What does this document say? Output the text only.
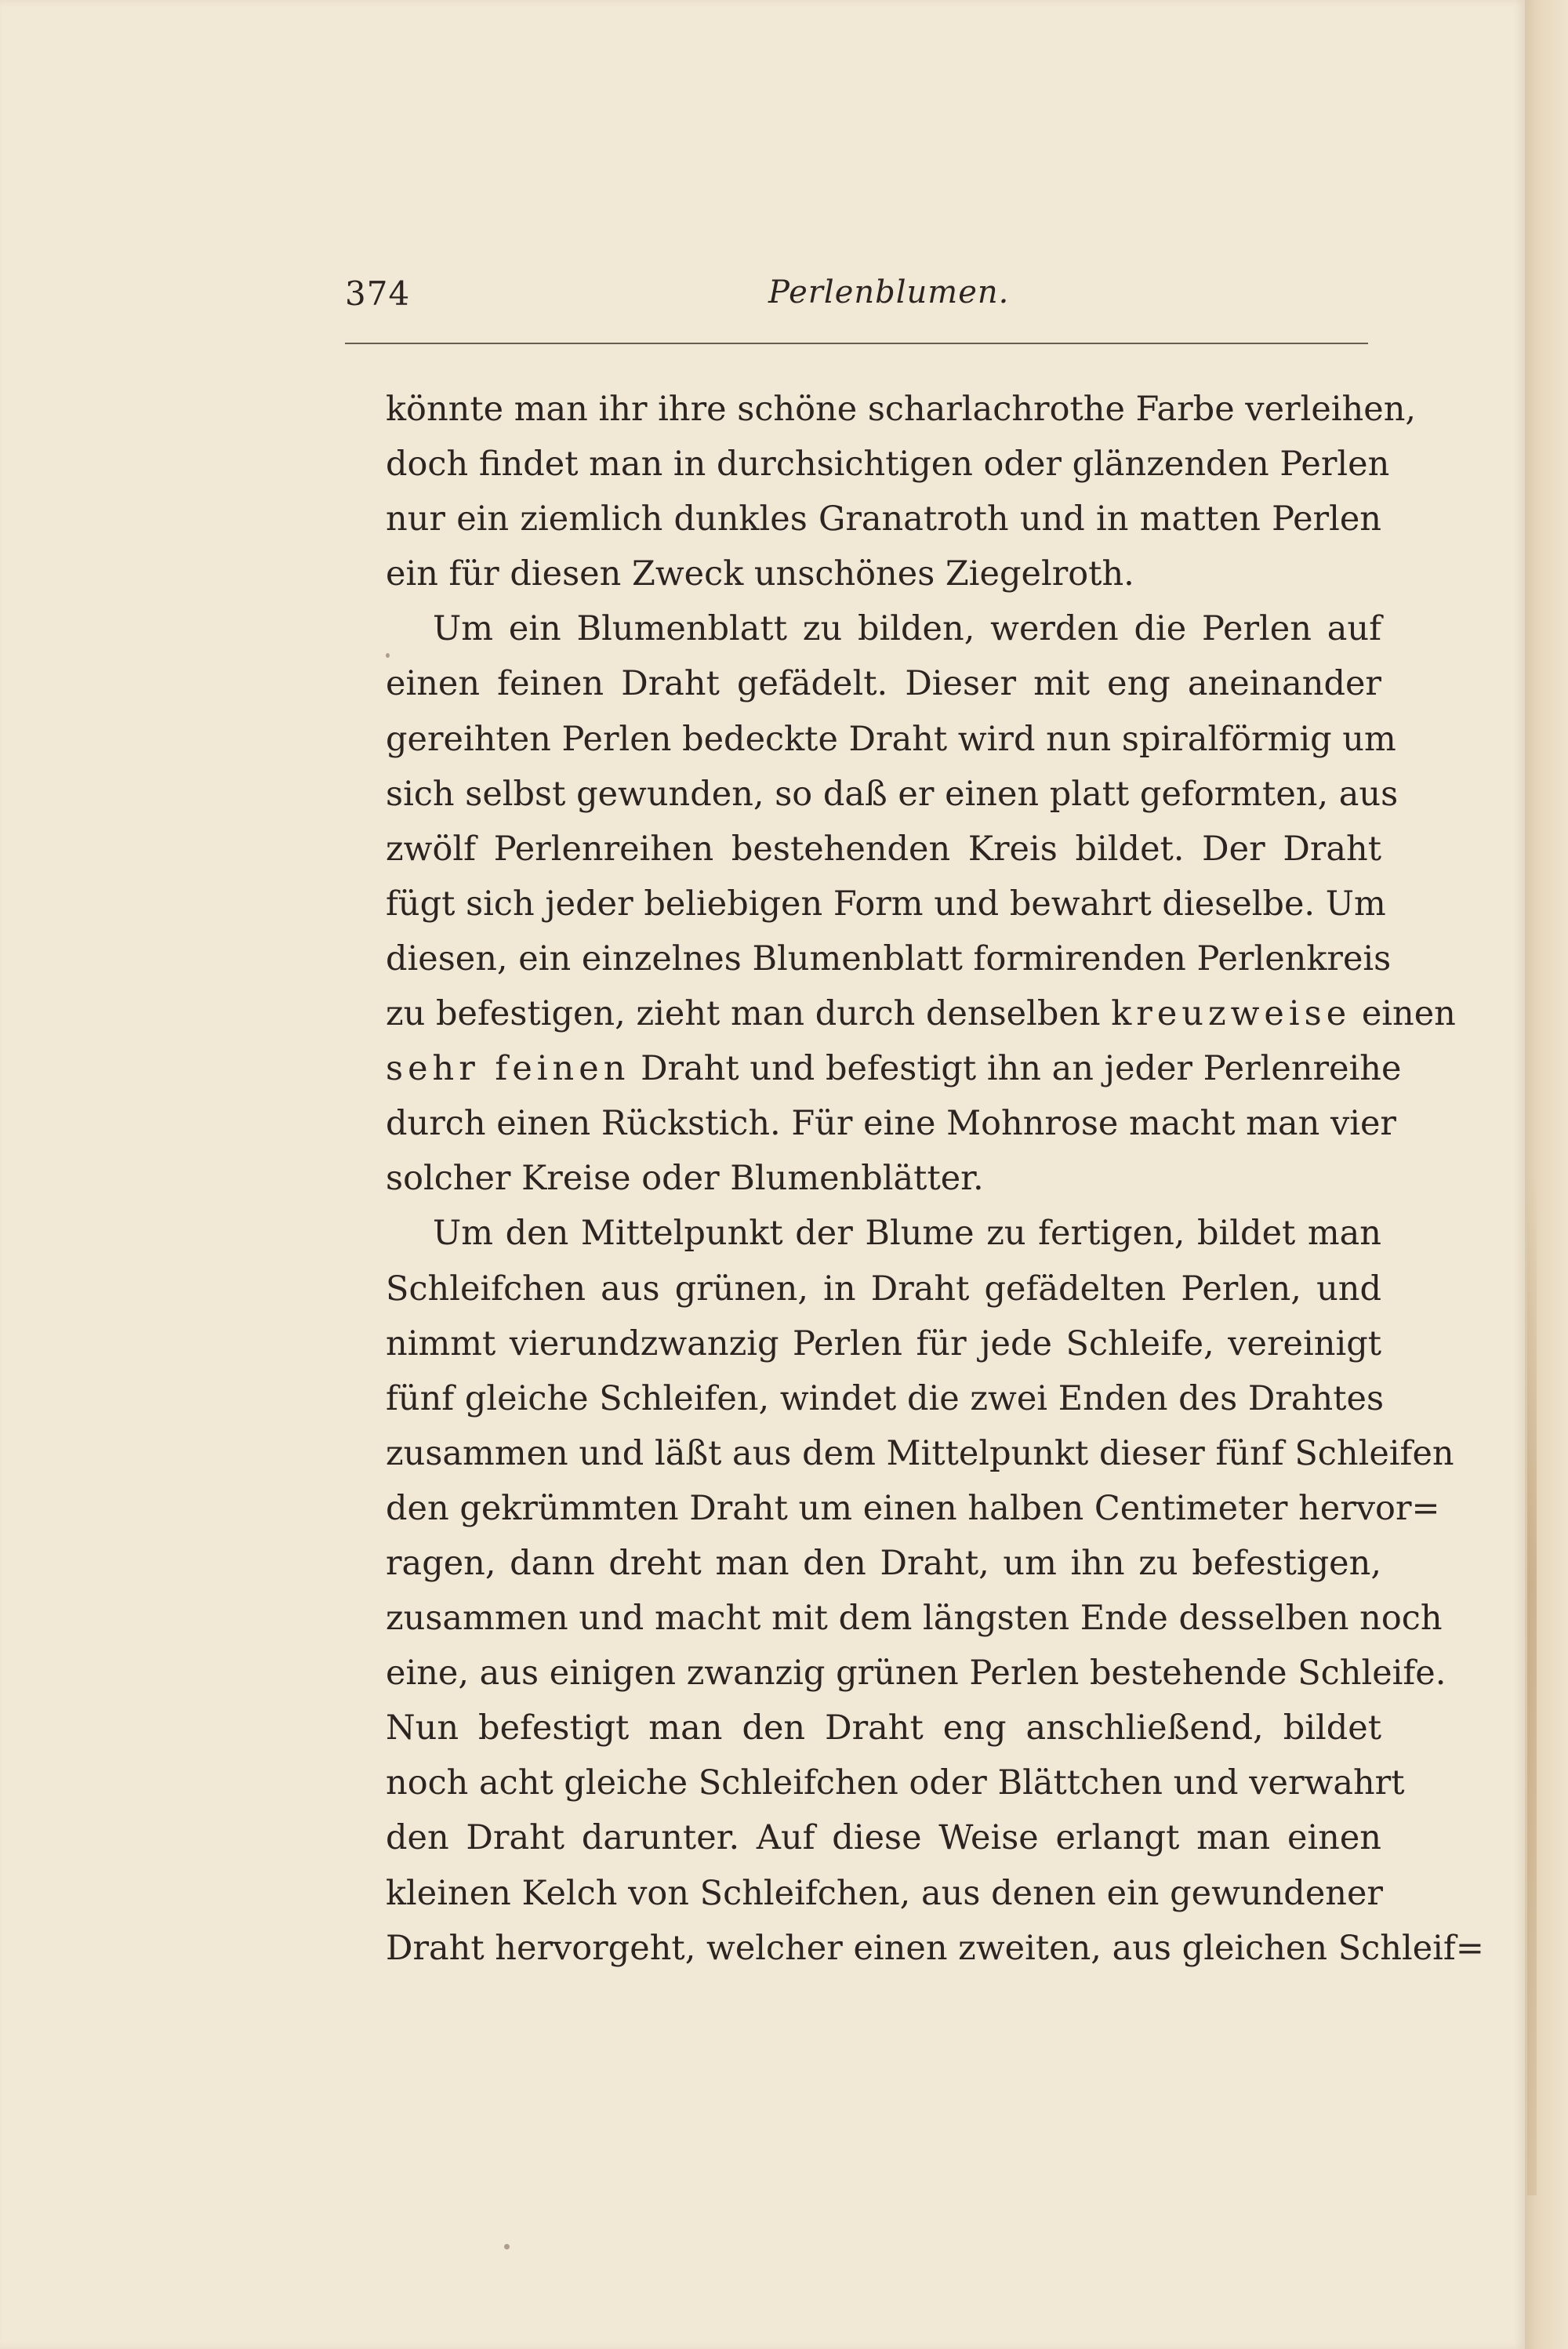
374	Perlenblumen.
könnte man ihr ihre schöne scharlachrothe Farbe verleihen,
doch findet man in durchsichtigen oder glänzenden Perlen
nur ein ziemlich dunkles Granatroth und in matten Perlen
ein für diesen Zweck unschönes Ziegelroth.
Um ein Blumenblatt zu bilden, werden die Perlen auf
einen feinen Draht gefädelt. Dieser mit eng aneinander
gereihten Perlen bedeckte Draht wird nun spiralförmig um
sich selbst gewunden, so daß er einen platt geformten, aus
zwölf Perlenreihen bestehenden Kreis bildet. Der Draht
fügt sich jeder beliebigen Form und bewahrt dieselbe. Um
diesen, ein einzelnes Blumenblatt formirenden Perlenkreis
zu befestigen, zieht man durch denselben kreuzweise einen
sehr feinen Draht und befestigt ihn an jeder Perlenreihe
durch einen Rückstich. Für eine Mohnrose macht man vier
solcher Kreise oder Blumenblätter.
Um den Mittelpunkt der Blume zu fertigen, bildet man
Schleifchen aus grünen, in Draht gefädelten Perlen, und
nimmt vierundzwanzig Perlen für jede Schleife, vereinigt
fünf gleiche Schleifen, windet die zwei Enden des Drahtes
zusammen und läßt aus dem Mittelpunkt dieser fünf Schleifen
den gekrümmten Draht um einen halben Centimeter hervor=
ragen, dann dreht man den Draht, um ihn zu befestigen,
zusammen und macht mit dem längsten Ende desselben noch
eine, aus einigen zwanzig grünen Perlen bestehende Schleife.
Nun befestigt man den Draht eng anschließend, bildet
noch acht gleiche Schleifchen oder Blättchen und verwahrt
den Draht darunter. Auf diese Weise erlangt man einen
kleinen Kelch von Schleifchen, aus denen ein gewundener
Draht hervorgeht, welcher einen zweiten, aus gleichen Schleif=
